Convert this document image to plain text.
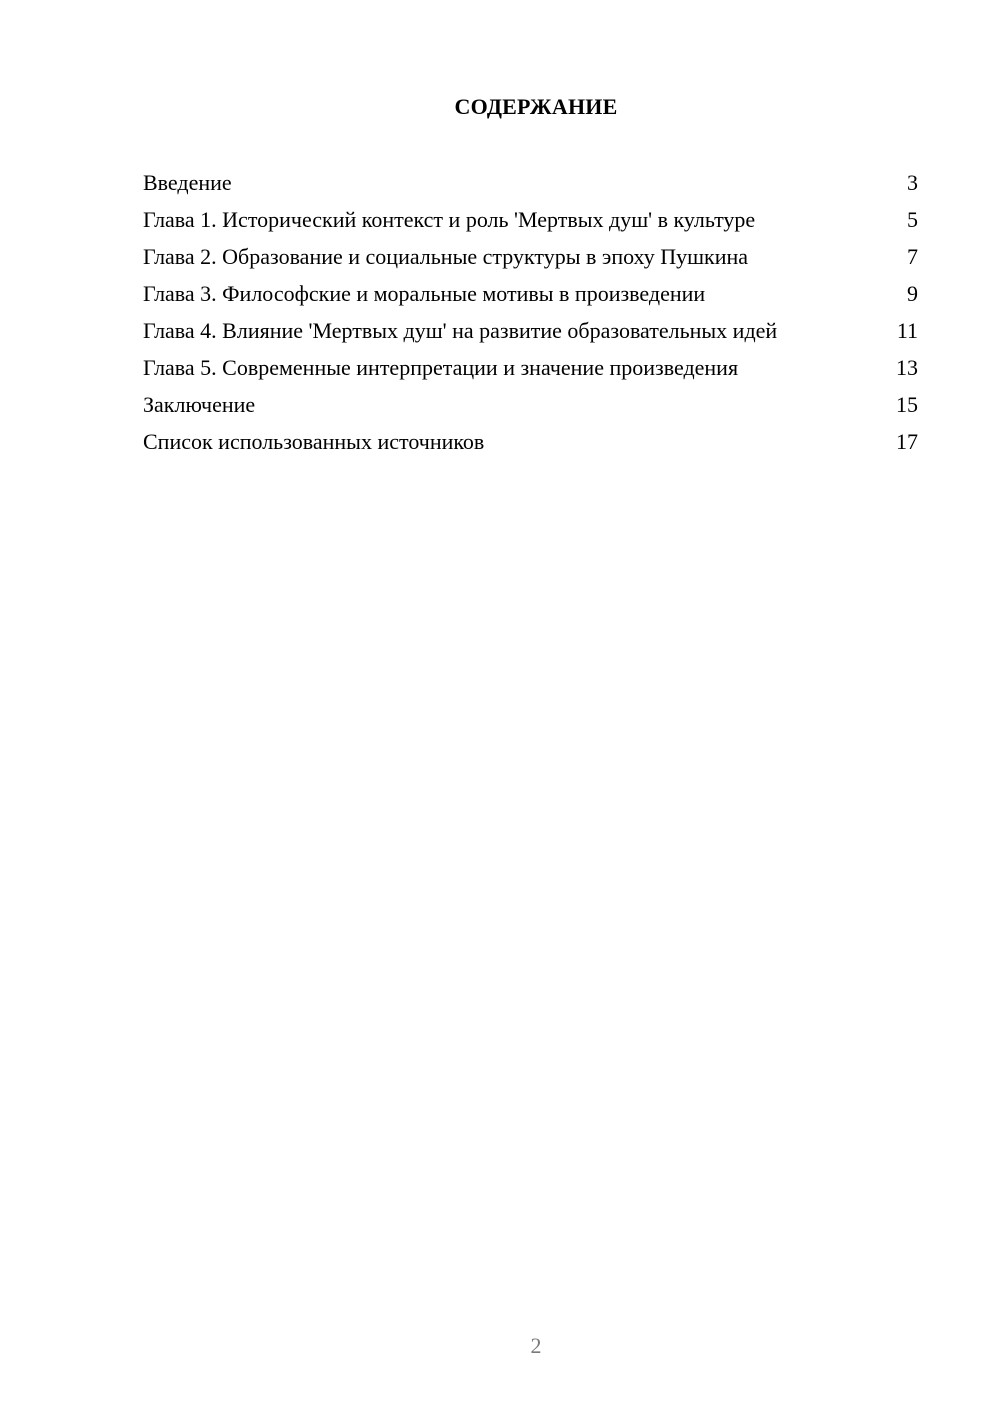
СОДЕРЖАНИЕ
Введение	3
Глава 1. Исторический контекст и роль 'Мертвых душ' в культуре	5
Глава 2. Образование и социальные структуры в эпоху Пушкина	7
Глава 3. Философские и моральные мотивы в произведении	9
Глава 4. Влияние 'Мертвых душ' на развитие образовательных идей	11
Глава 5. Современные интерпретации и значение произведения	13
Заключение	15
Список использованных источников	17
2
